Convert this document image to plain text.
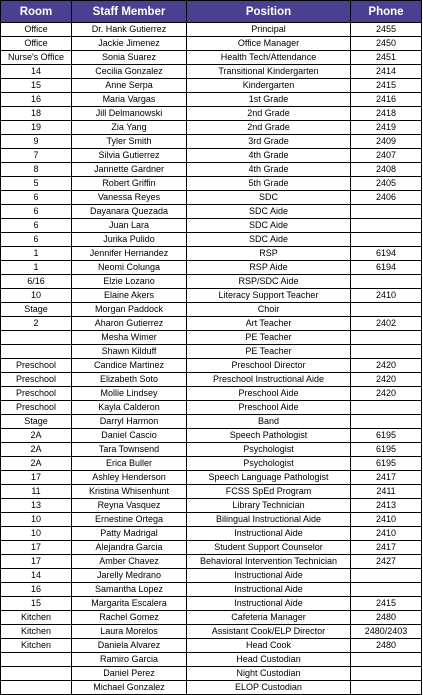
Room	Staff Member	Position	Phone
Office	Dr. Hank Gutierrez	Principal	2455
Office	Jackie Jimenez	Office Manager	2450
Nurse's Office	Sonia Suarez	Health Tech/Attendance	2451
14	Cecilia Gonzalez	Transitional Kindergarten	2414
15	Anne Serpa	Kindergarten	2415
16	Maria Vargas	1st Grade	2416
18	Jill Delmanowski	2nd Grade	2418
19	Zia Yang	2nd Grade	2419
9	Tyler Smith	3rd Grade	2409
7	Silvia Gutierrez	4th Grade	2407
8	Jannette Gardner	4th Grade	2408
5	Robert Griffin	5th Grade	2405
6	Vanessa Reyes	SDC	2406
6	Dayanara Quezada	SDC Aide	
6	Juan Lara	SDC Aide	
6	Jurika Pulido	SDC Aide	
1	Jennifer Hernandez	RSP	6194
1	Neomi Colunga	RSP Aide	6194
6/16	Elzie Lozano	RSP/SDC Aide	
10	Elaine Akers	Literacy Support Teacher	2410
Stage	Morgan Paddock	Choir	
2	Aharon Gutierrez	Art Teacher	2402
	Mesha Wimer	PE Teacher	
	Shawn Kilduff	PE Teacher	
Preschool	Candice Martinez	Preschool Director	2420
Preschool	Elizabeth Soto	Preschool Instructional Aide	2420
Preschool	Mollie Lindsey	Preschool Aide	2420
Preschool	Kayla Calderon	Preschool Aide	
Stage	Darryl Harmon	Band	
2A	Daniel Cascio	Speech Pathologist	6195
2A	Tara Townsend	Psychologist	6195
2A	Erica Buller	Psychologist	6195
17	Ashley Henderson	Speech Language Pathologist	2417
11	Kristina Whisenhunt	FCSS SpEd Program	2411
13	Reyna Vasquez	Library Technician	2413
10	Ernestine Ortega	Bilingual Instructional Aide	2410
10	Patty Madrigal	Instructional Aide	2410
17	Alejandra Garcia	Student Support Counselor	2417
17	Amber Chavez	Behavioral Intervention Technician	2427
14	Jarelly Medrano	Instructional Aide	
16	Samantha Lopez	Instructional Aide	
15	Margarita Escalera	Instructional Aide	2415
Kitchen	Rachel Gomez	Cafeteria Manager	2480
Kitchen	Laura Morelos	Assistant Cook/ELP Director	2480/2403
Kitchen	Daniela Alvarez	Head Cook	2480
	Ramiro Garcia	Head Custodian	
	Daniel Perez	Night Custodian	
	Michael Gonzalez	ELOP Custodian	
